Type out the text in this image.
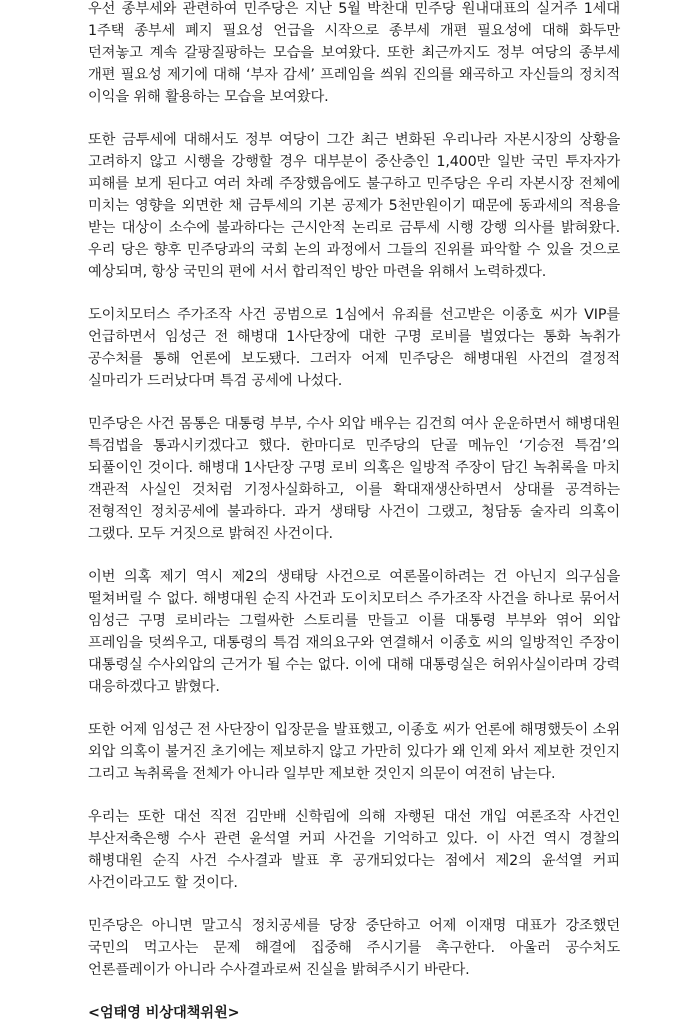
우선 종부세와 관련하여 민주당은 지난 5월 박찬대 민주당 원내대표의 실거주 1세대 1주택 종부세 폐지 필요성 언급을 시작으로 종부세 개편 필요성에 대해 화두만 던져놓고 계속 갈팡질팡하는 모습을 보여왔다. 또한 최근까지도 정부 여당의 종부세 개편 필요성 제기에 대해 ‘부자 감세’ 프레임을 씌워 진의를 왜곡하고 자신들의 정치적 이익을 위해 활용하는 모습을 보여왔다.

또한 금투세에 대해서도 정부 여당이 그간 최근 변화된 우리나라 자본시장의 상황을 고려하지 않고 시행을 강행할 경우 대부분이 중산층인 1,400만 일반 국민 투자자가 피해를 보게 된다고 여러 차례 주장했음에도 불구하고 민주당은 우리 자본시장 전체에 미치는 영향을 외면한 채 금투세의 기본 공제가 5천만원이기 때문에 동과세의 적용을 받는 대상이 소수에 불과하다는 근시안적 논리로 금투세 시행 강행 의사를 밝혀왔다. 우리 당은 향후 민주당과의 국회 논의 과정에서 그들의 진위를 파악할 수 있을 것으로 예상되며, 항상 국민의 편에 서서 합리적인 방안 마련을 위해서 노력하겠다.

도이치모터스 주가조작 사건 공범으로 1심에서 유죄를 선고받은 이종호 씨가 VIP를 언급하면서 임성근 전 해병대 1사단장에 대한 구명 로비를 벌였다는 통화 녹취가 공수처를 통해 언론에 보도됐다. 그러자 어제 민주당은 해병대원 사건의 결정적 실마리가 드러났다며 특검 공세에 나섰다.

민주당은 사건 몸통은 대통령 부부, 수사 외압 배우는 김건희 여사 운운하면서 해병대원 특검법을 통과시키겠다고 했다. 한마디로 민주당의 단골 메뉴인 ‘기승전 특검’의 되풀이인 것이다. 해병대 1사단장 구명 로비 의혹은 일방적 주장이 담긴 녹취록을 마치 객관적 사실인 것처럼 기정사실화하고, 이를 확대재생산하면서 상대를 공격하는 전형적인 정치공세에 불과하다. 과거 생태탕 사건이 그랬고, 청담동 술자리 의혹이 그랬다. 모두 거짓으로 밝혀진 사건이다.

이번 의혹 제기 역시 제2의 생태탕 사건으로 여론몰이하려는 건 아닌지 의구심을 떨쳐버릴 수 없다. 해병대원 순직 사건과 도이치모터스 주가조작 사건을 하나로 묶어서 임성근 구명 로비라는 그럴싸한 스토리를 만들고 이를 대통령 부부와 엮어 외압 프레임을 덧씌우고, 대통령의 특검 재의요구와 연결해서 이종호 씨의 일방적인 주장이 대통령실 수사외압의 근거가 될 수는 없다. 이에 대해 대통령실은 허위사실이라며 강력 대응하겠다고 밝혔다.

또한 어제 임성근 전 사단장이 입장문을 발표했고, 이종호 씨가 언론에 해명했듯이 소위 외압 의혹이 불거진 초기에는 제보하지 않고 가만히 있다가 왜 인제 와서 제보한 것인지 그리고 녹취록을 전체가 아니라 일부만 제보한 것인지 의문이 여전히 남는다.

우리는 또한 대선 직전 김만배 신학림에 의해 자행된 대선 개입 여론조작 사건인 부산저축은행 수사 관련 윤석열 커피 사건을 기억하고 있다. 이 사건 역시 경찰의 해병대원 순직 사건 수사결과 발표 후 공개되었다는 점에서 제2의 윤석열 커피 사건이라고도 할 것이다.

민주당은 아니면 말고식 정치공세를 당장 중단하고 어제 이재명 대표가 강조했던 국민의 먹고사는 문제 해결에 집중해 주시기를 촉구한다. 아울러 공수처도 언론플레이가 아니라 수사결과로써 진실을 밝혀주시기 바란다.

<엄태영 비상대책위원>
